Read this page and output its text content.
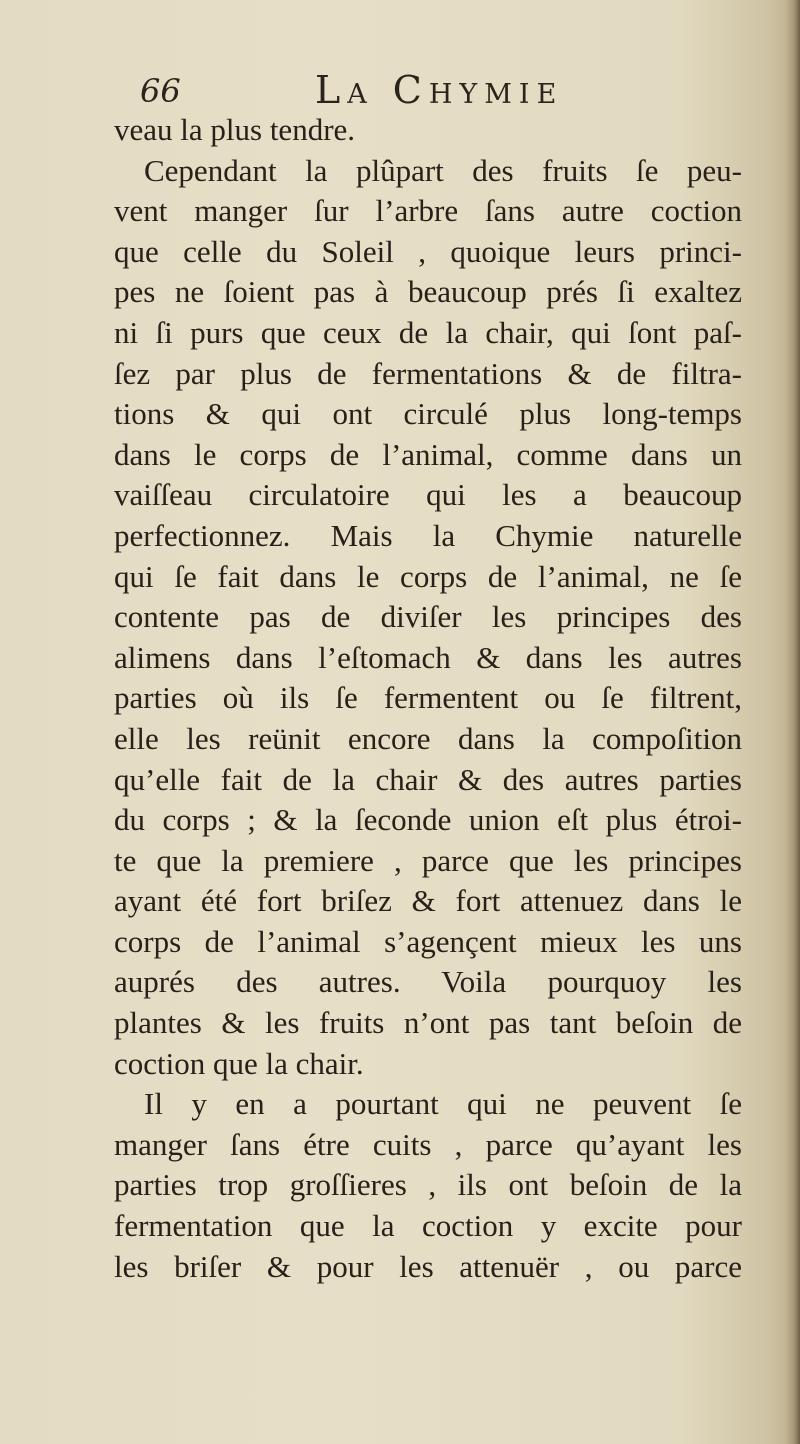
66	La Chymie
veau la plus tendre.
Cependant la plûpart des fruits ſe peu-
vent manger ſur l’arbre ſans autre coction
que celle du Soleil , quoique leurs princi-
pes ne ſoient pas à beaucoup prés ſi exaltez
ni ſi purs que ceux de la chair, qui ſont paſ-
ſez par plus de fermentations & de filtra-
tions & qui ont circulé plus long-temps
dans le corps de l’animal, comme dans un
vaiſſeau circulatoire qui les a beaucoup
perfectionnez. Mais la Chymie naturelle
qui ſe fait dans le corps de l’animal, ne ſe
contente pas de diviſer les principes des
alimens dans l’eſtomach & dans les autres
parties où ils ſe fermentent ou ſe filtrent,
elle les reünit encore dans la compoſition
qu’elle fait de la chair & des autres parties
du corps ; & la ſeconde union eſt plus étroi-
te que la premiere , parce que les principes
ayant été fort briſez & fort attenuez dans le
corps de l’animal s’agençent mieux les uns
auprés des autres. Voila pourquoy les
plantes & les fruits n’ont pas tant beſoin de
coction que la chair.
Il y en a pourtant qui ne peuvent ſe
manger ſans étre cuits , parce qu’ayant les
parties trop groſſieres , ils ont beſoin de la
fermentation que la coction y excite pour
les briſer & pour les attenuër , ou parce
